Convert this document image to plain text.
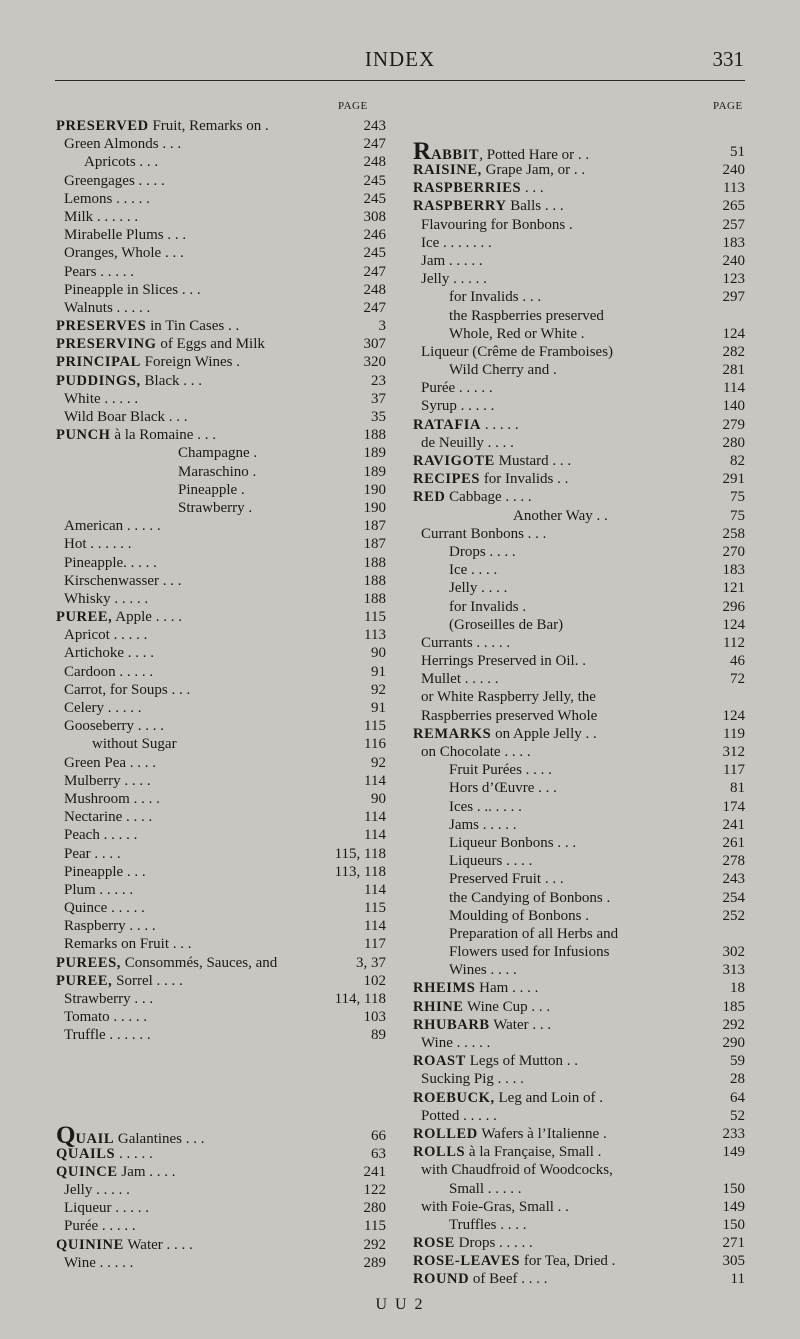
INDEX	331
PAGE	PAGE
PRESERVED Fruit, Remarks on .	243
Green Almonds . . .	247
Apricots . . .	248
Greengages . . . .	245
Lemons . . . . .	245
Milk . . . . . .	308
Mirabelle Plums . . .	246
Oranges, Whole . . .	245
Pears . . . . .	247
Pineapple in Slices . . .	248
Walnuts . . . . .	247
PRESERVES in Tin Cases . .	3
PRESERVING of Eggs and Milk	307
PRINCIPAL Foreign Wines .	320
PUDDINGS, Black . . .	23
White . . . . .	37
Wild Boar Black . . .	35
PUNCH à la Romaine . . .	188
Champagne .	189
Maraschino .	189
Pineapple .	190
Strawberry .	190
American . . . . .	187
Hot . . . . . .	187
Pineapple. . . . .	188
Kirschenwasser . . .	188
Whisky . . . . .	188
PUREE, Apple . . . .	115
Apricot . . . . .	113
Artichoke . . . .	90
Cardoon . . . . .	91
Carrot, for Soups . . .	92
Celery . . . . .	91
Gooseberry . . . .	115
without Sugar	116
Green Pea . . . .	92
Mulberry . . . .	114
Mushroom . . . .	90
Nectarine . . . .	114
Peach . . . . .	114
Pear . . . .	115, 118
Pineapple . . .	113, 118
Plum . . . . .	114
Quince . . . . .	115
Raspberry . . . .	114
Remarks on Fruit . . .	117
PUREES, Consommés, Sauces, and	3, 37
PUREE, Sorrel . . . .	102
Strawberry . . .	114, 118
Tomato . . . . .	103
Truffle . . . . . .	89
QUAIL Galantines . . .	66
QUAILS . . . . .	63
QUINCE Jam . . . .	241
Jelly . . . . .	122
Liqueur . . . . .	280
Purée . . . . .	115
QUININE Water . . . .	292
Wine . . . . .	289
RABBIT, Potted Hare or . .	51
RAISINE, Grape Jam, or . .	240
RASPBERRIES . . .	113
RASPBERRY Balls . . .	265
Flavouring for Bonbons .	257
Ice . . . . . . .	183
Jam . . . . .	240
Jelly . . . . .	123
for Invalids . . .	297
the Raspberries preserved
Whole, Red or White .	124
Liqueur (Crême de Framboises)	282
Wild Cherry and .	281
Purée . . . . .	114
Syrup . . . . .	140
RATAFIA . . . . .	279
de Neuilly . . . .	280
RAVIGOTE Mustard . . .	82
RECIPES for Invalids . .	291
RED Cabbage . . . .	75
Another Way . .	75
Currant Bonbons . . .	258
Drops . . . .	270
Ice . . . .	183
Jelly . . . .	121
for Invalids .	296
(Groseilles de Bar)	124
Currants . . . . .	112
Herrings Preserved in Oil. .	46
Mullet . . . . .	72
or White Raspberry Jelly, the
Raspberries preserved Whole	124
REMARKS on Apple Jelly . .	119
on Chocolate . . . .	312
Fruit Purées . . . .	117
Hors d’Œuvre . . .	81
Ices . .. . . . .	174
Jams . . . . .	241
Liqueur Bonbons . . .	261
Liqueurs . . . .	278
Preserved Fruit . . .	243
the Candying of Bonbons .	254
Moulding of Bonbons .	252
Preparation of all Herbs and
Flowers used for Infusions	302
Wines . . . .	313
RHEIMS Ham . . . .	18
RHINE Wine Cup . . .	185
RHUBARB Water . . .	292
Wine . . . . .	290
ROAST Legs of Mutton . .	59
Sucking Pig . . . .	28
ROEBUCK, Leg and Loin of .	64
Potted . . . . .	52
ROLLED Wafers à l’Italienne .	233
ROLLS à la Française, Small .	149
with Chaudfroid of Woodcocks,
Small . . . . .	150
with Foie-Gras, Small . .	149
Truffles . . . .	150
ROSE Drops . . . . .	271
ROSE-LEAVES for Tea, Dried .	305
ROUND of Beef . . . .	11
U U 2
